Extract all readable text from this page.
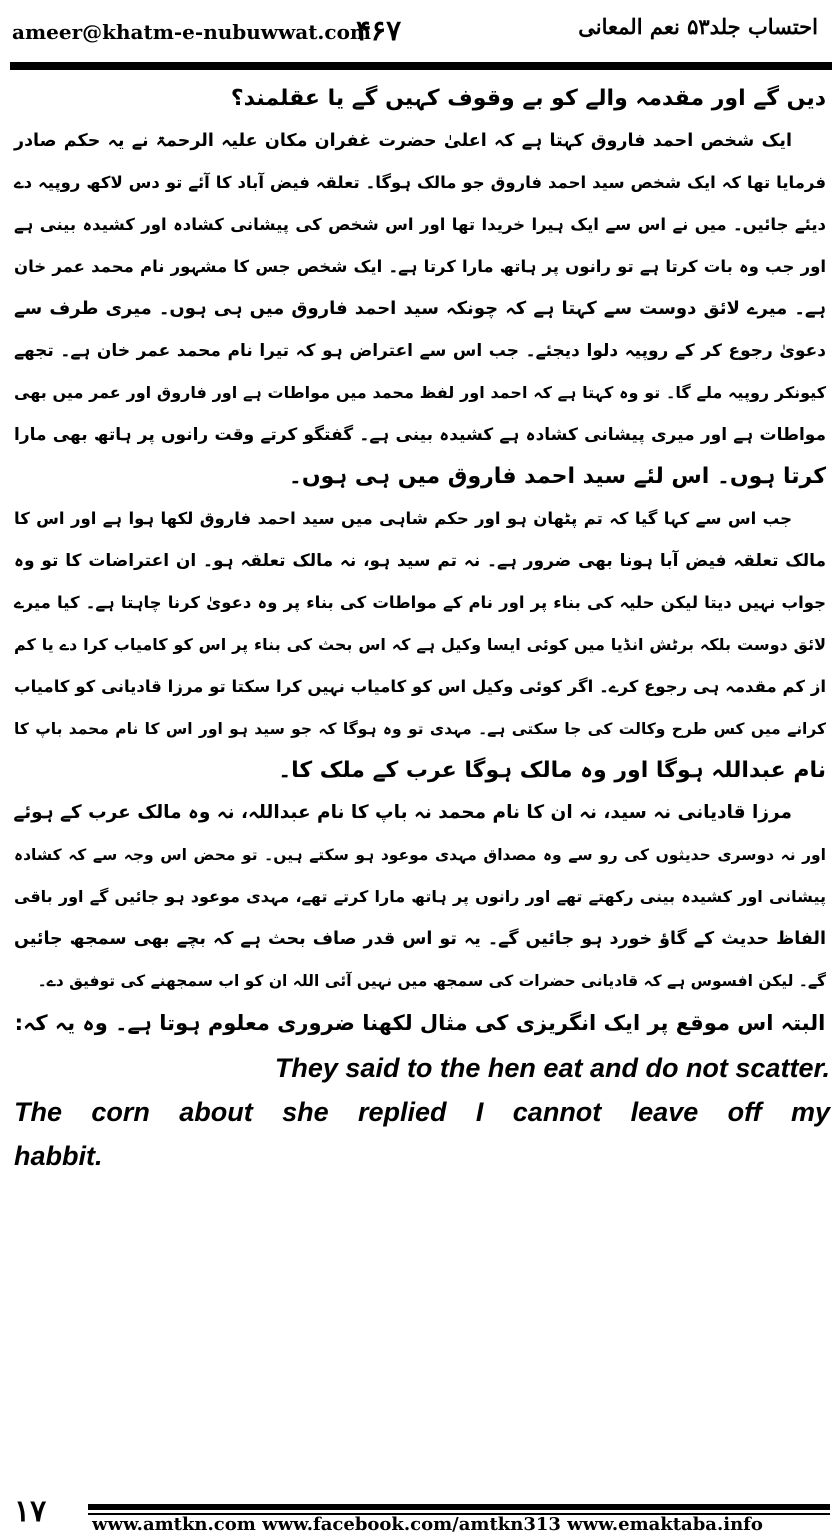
ameer@khatm-e-nubuwwat.com
۴۶۷	احتساب جلد۵۳ نعم المعانی
دیں گے اور مقدمہ والے کو بے وقوف کہیں گے یا عقلمند؟
ایک شخص احمد فاروق کہتا ہے کہ اعلیٰ حضرت غفران مکان علیہ الرحمۃ نے یہ حکم صادر
فرمایا تھا کہ ایک شخص سید احمد فاروق جو مالک ہوگا۔ تعلقہ فیض آباد کا آئے تو دس لاکھ روپیہ دے
دیئے جائیں۔ میں نے اس سے ایک ہیرا خریدا تھا اور اس شخص کی پیشانی کشادہ اور کشیدہ بینی ہے
اور جب وہ بات کرتا ہے تو رانوں پر ہاتھ مارا کرتا ہے۔ ایک شخص جس کا مشہور نام محمد عمر خان
ہے۔ میرے لائق دوست سے کہتا ہے کہ چونکہ سید احمد فاروق میں ہی ہوں۔ میری طرف سے
دعویٰ رجوع کر کے روپیہ دلوا دیجئے۔ جب اس سے اعتراض ہو کہ تیرا نام محمد عمر خان ہے۔ تجھے
کیونکر روپیہ ملے گا۔ تو وہ کہتا ہے کہ احمد اور لفظ محمد میں مواطات ہے اور فاروق اور عمر میں بھی
مواطات ہے اور میری پیشانی کشادہ ہے کشیدہ بینی ہے۔ گفتگو کرتے وقت رانوں پر ہاتھ بھی مارا
کرتا ہوں۔ اس لئے سید احمد فاروق میں ہی ہوں۔
جب اس سے کہا گیا کہ تم پٹھان ہو اور حکم شاہی میں سید احمد فاروق لکھا ہوا ہے اور اس کا
مالک تعلقہ فیض آبا ہونا بھی ضرور ہے۔ نہ تم سید ہو، نہ مالک تعلقہ ہو۔ ان اعتراضات کا تو وہ
جواب نہیں دیتا لیکن حلیہ کی بناء پر اور نام کے مواطات کی بناء پر وہ دعویٰ کرنا چاہتا ہے۔ کیا میرے
لائق دوست بلکہ برٹش انڈیا میں کوئی ایسا وکیل ہے کہ اس بحث کی بناء پر اس کو کامیاب کرا دے یا کم
از کم مقدمہ ہی رجوع کرے۔ اگر کوئی وکیل اس کو کامیاب نہیں کرا سکتا تو مرزا قادیانی کو کامیاب
کرانے میں کس طرح وکالت کی جا سکتی ہے۔ مہدی تو وہ ہوگا کہ جو سید ہو اور اس کا نام محمد باپ کا
نام عبداللہ ہوگا اور وہ مالک ہوگا عرب کے ملک کا۔
مرزا قادیانی نہ سید، نہ ان کا نام محمد نہ باپ کا نام عبداللہ، نہ وہ مالک عرب کے ہوئے
اور نہ دوسری حدیثوں کی رو سے وہ مصداق مہدی موعود ہو سکتے ہیں۔ تو محض اس وجہ سے کہ کشادہ
پیشانی اور کشیدہ بینی رکھتے تھے اور رانوں پر ہاتھ مارا کرتے تھے، مہدی موعود ہو جائیں گے اور باقی
الفاظ حدیث کے گاؤ خورد ہو جائیں گے۔ یہ تو اس قدر صاف بحث ہے کہ بچے بھی سمجھ جائیں
گے۔ لیکن افسوس ہے کہ قادیانی حضرات کی سمجھ میں نہیں آئی اللہ ان کو اب سمجھنے کی توفیق دے۔
البتہ اس موقع پر ایک انگریزی کی مثال لکھنا ضروری معلوم ہوتا ہے۔ وہ یہ کہ:
They said to the hen eat and do not scatter.
The corn about she replied I cannot leave off my
habbit.
۱۷	www.amtkn.com www.facebook.com/amtkn313 www.emaktaba.info
